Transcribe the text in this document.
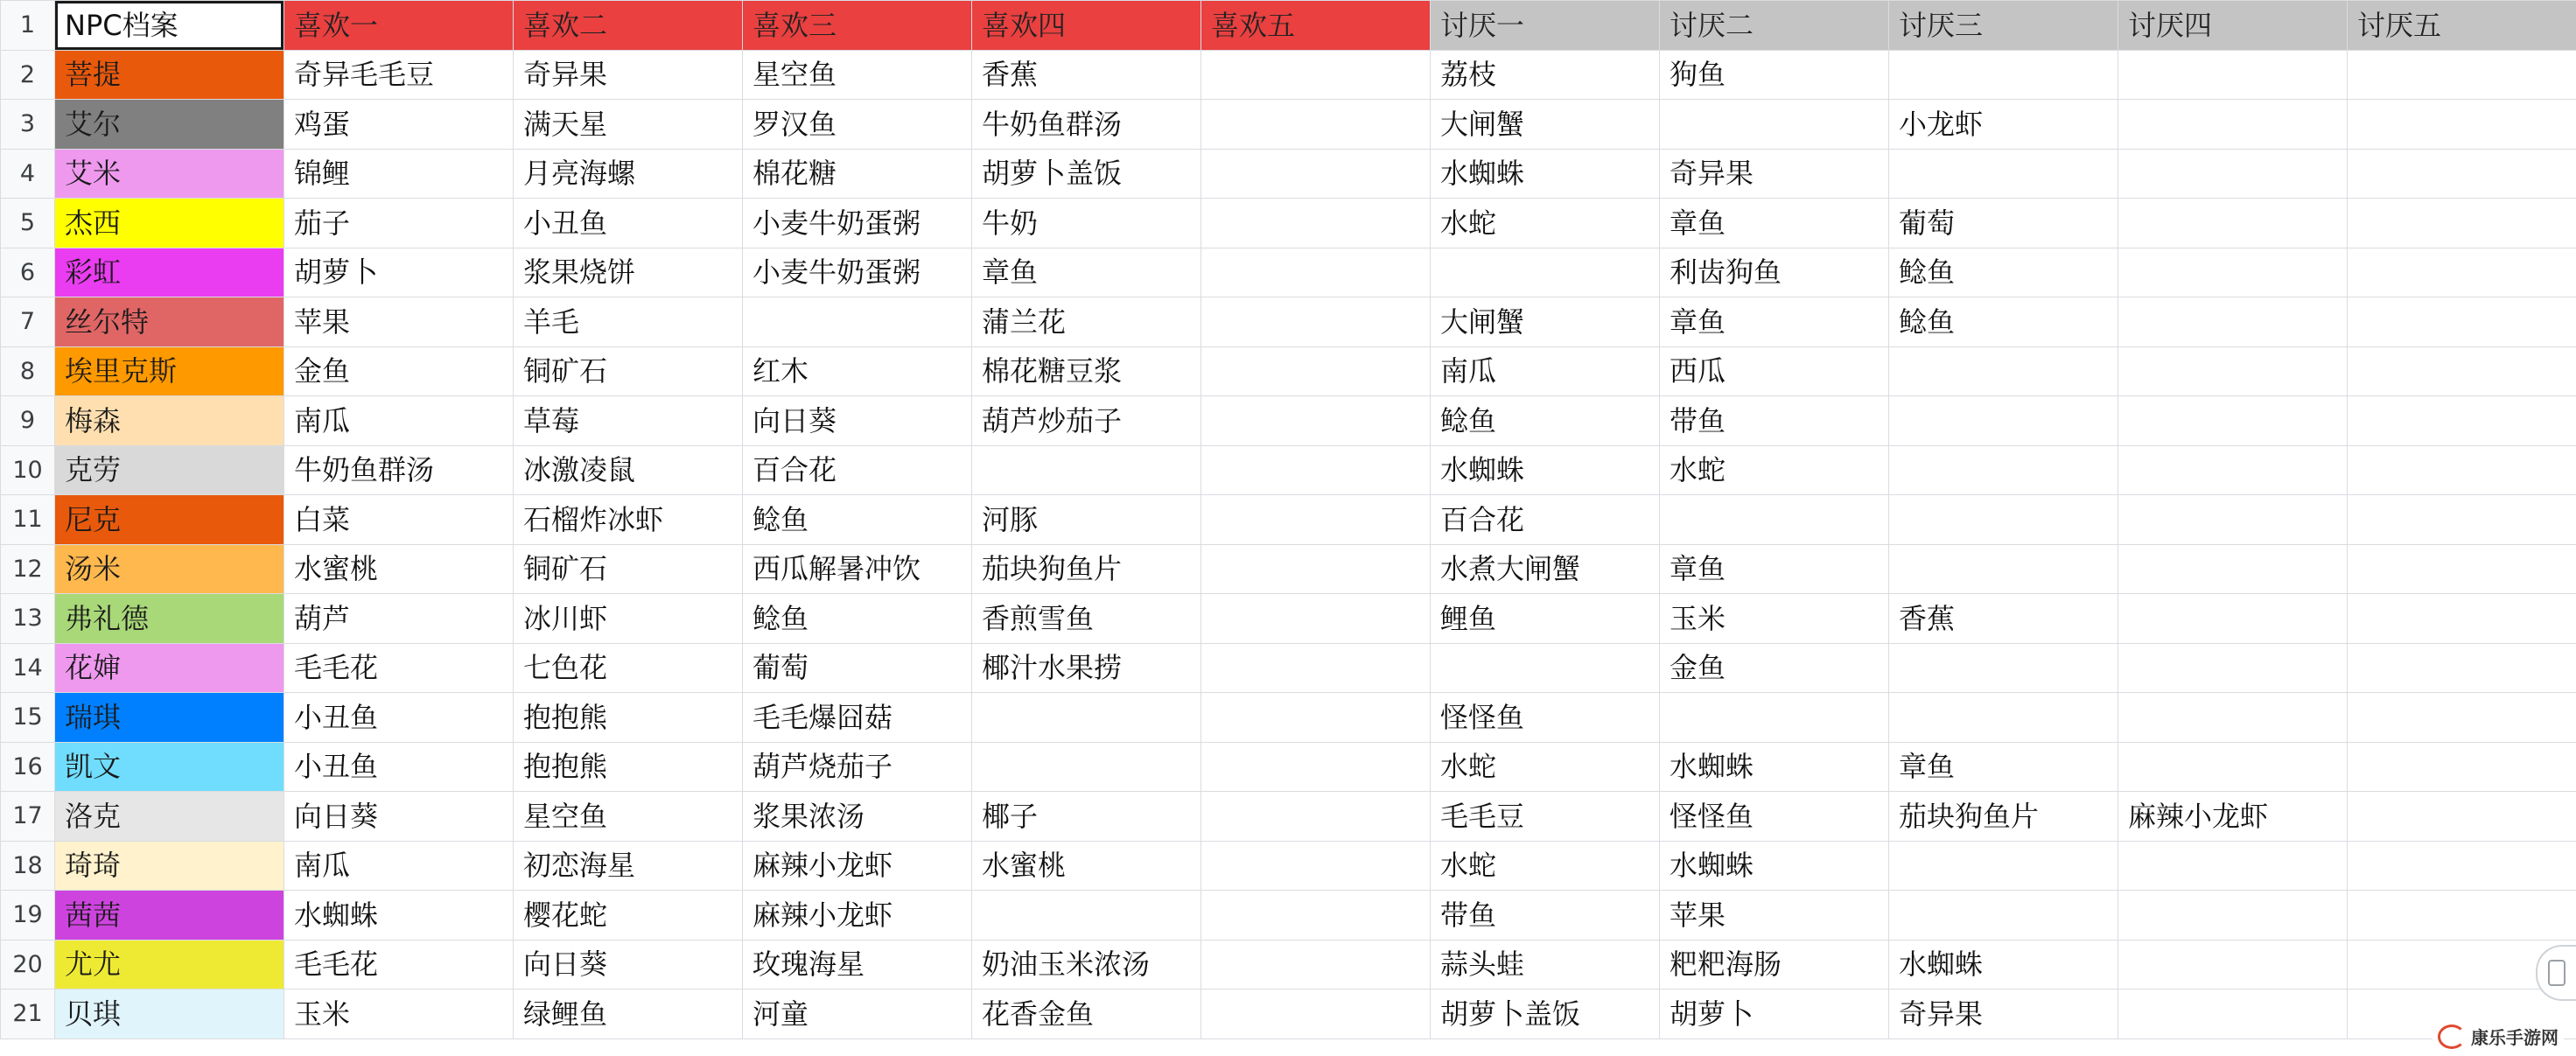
1	NPC档案	喜欢一	喜欢二	喜欢三	喜欢四	喜欢五	讨厌一	讨厌二	讨厌三	讨厌四	讨厌五
2	菩提	奇异毛毛豆	奇异果	星空鱼	香蕉		荔枝	狗鱼			
3	艾尔	鸡蛋	满天星	罗汉鱼	牛奶鱼群汤		大闸蟹		小龙虾		
4	艾米	锦鲤	月亮海螺	棉花糖	胡萝卜盖饭		水蜘蛛	奇异果			
5	杰西	茄子	小丑鱼	小麦牛奶蛋粥	牛奶		水蛇	章鱼	葡萄		
6	彩虹	胡萝卜	浆果烧饼	小麦牛奶蛋粥	章鱼			利齿狗鱼	鲶鱼		
7	丝尔特	苹果	羊毛		蒲兰花		大闸蟹	章鱼	鲶鱼		
8	埃里克斯	金鱼	铜矿石	红木	棉花糖豆浆		南瓜	西瓜			
9	梅森	南瓜	草莓	向日葵	葫芦炒茄子		鲶鱼	带鱼			
10	克劳	牛奶鱼群汤	冰激凌鼠	百合花			水蜘蛛	水蛇			
11	尼克	白菜	石榴炸冰虾	鲶鱼	河豚		百合花				
12	汤米	水蜜桃	铜矿石	西瓜解暑冲饮	茄块狗鱼片		水煮大闸蟹	章鱼			
13	弗礼德	葫芦	冰川虾	鲶鱼	香煎雪鱼		鲤鱼	玉米	香蕉		
14	花婶	毛毛花	七色花	葡萄	椰汁水果捞			金鱼			
15	瑞琪	小丑鱼	抱抱熊	毛毛爆囧菇			怪怪鱼				
16	凯文	小丑鱼	抱抱熊	葫芦烧茄子			水蛇	水蜘蛛	章鱼		
17	洛克	向日葵	星空鱼	浆果浓汤	椰子		毛毛豆	怪怪鱼	茄块狗鱼片	麻辣小龙虾	
18	琦琦	南瓜	初恋海星	麻辣小龙虾	水蜜桃		水蛇	水蜘蛛			
19	茜茜	水蜘蛛	樱花蛇	麻辣小龙虾			带鱼	苹果			
20	尤尤	毛毛花	向日葵	玫瑰海星	奶油玉米浓汤		蒜头蛙	粑粑海肠	水蜘蛛		
21	贝琪	玉米	绿鲤鱼	河童	花香金鱼		胡萝卜盖饭	胡萝卜	奇异果		
康乐手游网
